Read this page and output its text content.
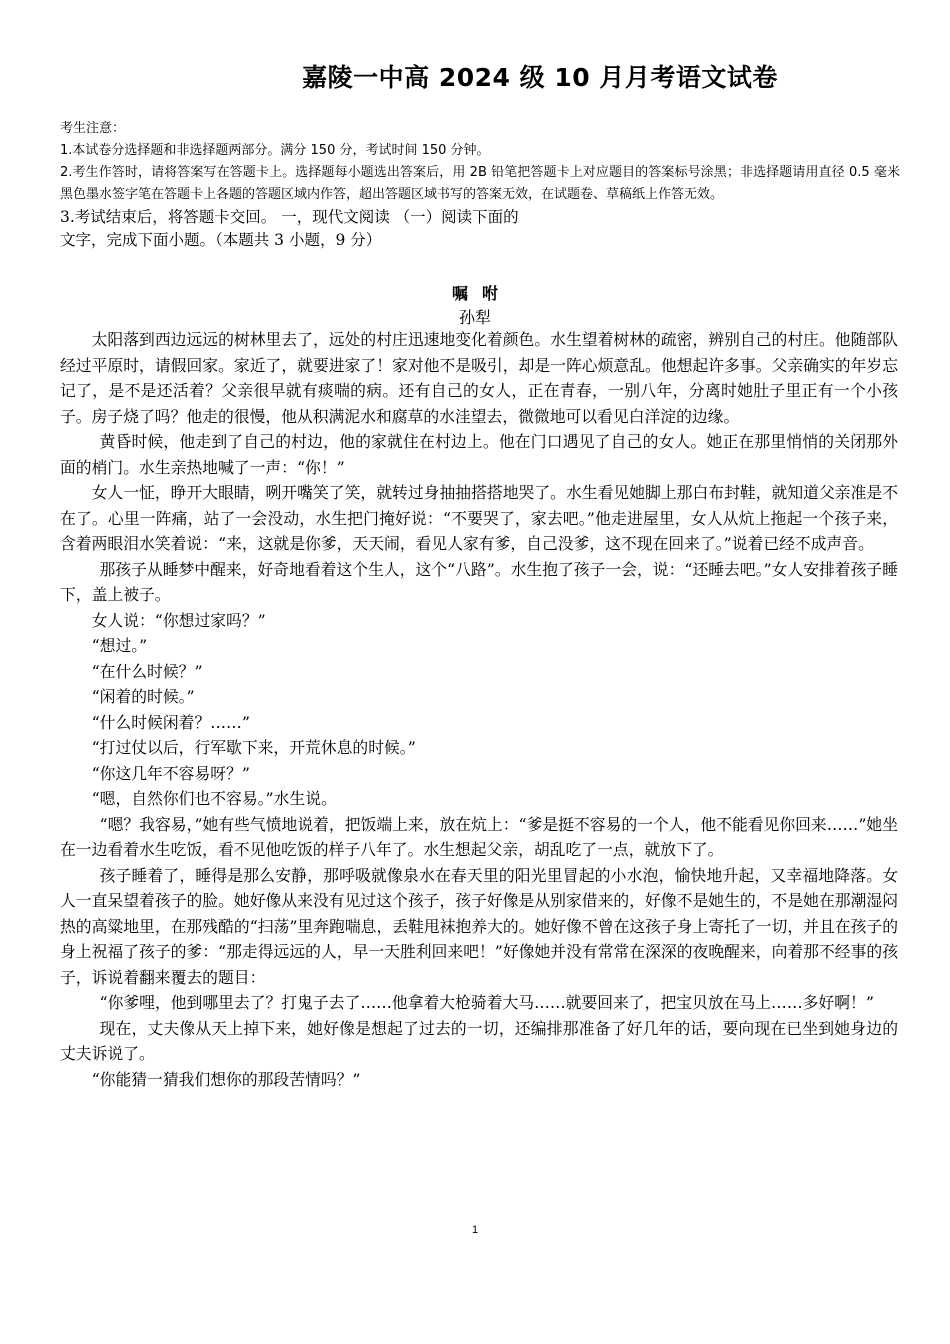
嘉陵一中高 2024 级 10 月月考语文试卷

考生注意：

1.本试卷分选择题和非选择题两部分。满分 150 分，考试时间 150 分钟。

2.考生作答时，请将答案写在答题卡上。选择题每小题选出答案后，用 2B 铅笔把答题卡上对应题目的答案标号涂黑；非选择题请用直径 0.5 毫米黑色墨水签字笔在答题卡上各题的答题区域内作答，超出答题区域书写的答案无效，在试题卷、草稿纸上作答无效。

3.考试结束后，将答题卡交回。 一，现代文阅读 （一）阅读下面的

文字，完成下面小题。（本题共 3 小题，9 分）

嘱咐
孙犁

太阳落到西边远远的树林里去了，远处的村庄迅速地变化着颜色。水生望着树林的疏密，辨别自己的村庄。他随部队经过平原时，请假回家。家近了，就要进家了！家对他不是吸引，却是一阵心烦意乱。他想起许多事。父亲确实的年岁忘记了，是不是还活着？父亲很早就有痰喘的病。还有自己的女人，正在青春，一别八年，分离时她肚子里正有一个小孩子。房子烧了吗？他走的很慢，他从积满泥水和腐草的水洼望去，微微地可以看见白洋淀的边缘。

黄昏时候，他走到了自己的村边，他的家就住在村边上。他在门口遇见了自己的女人。她正在那里悄悄的关闭那外面的梢门。水生亲热地喊了一声：“你！”

女人一怔，睁开大眼睛，咧开嘴笑了笑，就转过身抽抽搭搭地哭了。水生看见她脚上那白布封鞋，就知道父亲准是不在了。心里一阵痛，站了一会没动，水生把门掩好说：“不要哭了，家去吧。”他走进屋里，女人从炕上拖起一个孩子来，含着两眼泪水笑着说：“来，这就是你爹，天天闹，看见人家有爹，自己没爹，这不现在回来了。”说着已经不成声音。

那孩子从睡梦中醒来，好奇地看着这个生人，这个“八路”。水生抱了孩子一会，说：“还睡去吧。”女人安排着孩子睡下，盖上被子。

女人说：“你想过家吗？”

“想过。”

“在什么时候？”

“闲着的时候。”

“什么时候闲着？……”

“打过仗以后，行军歇下来，开荒休息的时候。”

“你这几年不容易呀？”

“嗯，自然你们也不容易。”水生说。

“嗯？我容易，”她有些气愤地说着，把饭端上来，放在炕上：“爹是挺不容易的一个人，他不能看见你回来……”她坐在一边看着水生吃饭，看不见他吃饭的样子八年了。水生想起父亲，胡乱吃了一点，就放下了。

孩子睡着了，睡得是那么安静，那呼吸就像泉水在春天里的阳光里冒起的小水泡，愉快地升起，又幸福地降落。女人一直呆望着孩子的脸。她好像从来没有见过这个孩子，孩子好像是从别家借来的，好像不是她生的，不是她在那潮湿闷热的高粱地里，在那残酷的“扫荡”里奔跑喘息，丢鞋甩袜抱养大的。她好像不曾在这孩子身上寄托了一切，并且在孩子的身上祝福了孩子的爹：“那走得远远的人，早一天胜利回来吧！”好像她并没有常常在深深的夜晚醒来，向着那不经事的孩子，诉说着翻来覆去的题目：

“你爹哩，他到哪里去了？打鬼子去了……他拿着大枪骑着大马……就要回来了，把宝贝放在马上……多好啊！”

现在，丈夫像从天上掉下来，她好像是想起了过去的一切，还编排那准备了好几年的话，要向现在已坐到她身边的丈夫诉说了。

“你能猜一猜我们想你的那段苦情吗？”

1
